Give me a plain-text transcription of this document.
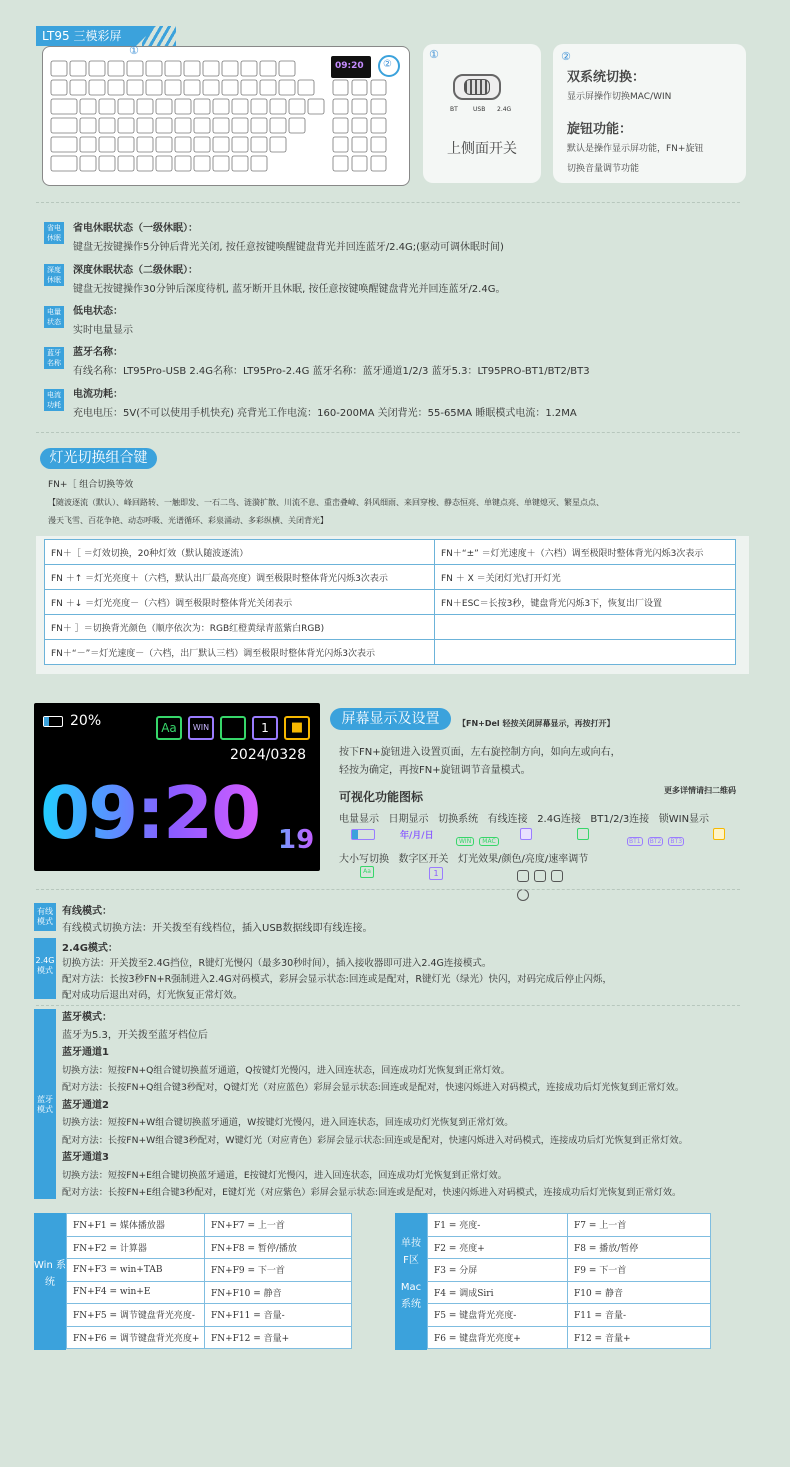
LT95 三模彩屏
09:20
①
②
①
BT	USB 2.4G
上侧面开关
②
双系统切换：
显示屏操作切换MAC/WIN
旋钮功能：
默认是操作显示屏功能，FN+旋钮
切换音量调节功能
省电 休眠
省电休眠状态（一级休眠）：
键盘无按键操作5分钟后背光关闭, 按任意按键唤醒键盘背光并回连蓝牙/2.4G;(驱动可调休眠时间)
深度 休眠
深度休眠状态（二级休眠）：
键盘无按键操作30分钟后深度待机, 蓝牙断开且休眠, 按任意按键唤醒键盘背光并回连蓝牙/2.4G。
电量 状态
低电状态：
实时电量显示
蓝牙 名称
蓝牙名称：
有线名称：LT95Pro-USB 2.4G名称：LT95Pro-2.4G 蓝牙名称：蓝牙通道1/2/3 蓝牙5.3：LT95PRO-BT1/BT2/BT3
电流 功耗
电流功耗：
充电电压：5V(不可以使用手机快充) 亮背光工作电流：160-200MA 关闭背光：55-65MA 睡眠模式电流：1.2MA
灯光切换组合键
FN+［ 组合切换等效
【随波逐流（默认）、峰回路转、一触即发、一石二鸟、涟漪扩散、川流不息、重峦叠嶂、斜风细雨、来回穿梭、静态恒亮、单键点亮、单键熄灭、繁星点点、
漫天飞雪、百花争艳、动态呼吸、光谱循环、彩泉涌动、多彩纵横、关闭背光】
FN＋［ ＝灯效切换，20种灯效（默认随波逐流）	FN＋“±” ＝灯光速度＋（六档）调至极限时整体背光闪烁3次表示
FN ＋↑ ＝灯光亮度＋（六档，默认出厂最高亮度）调至极限时整体背光闪烁3次表示	FN ＋ X ＝关闭灯光\打开灯光
FN ＋↓ ＝灯光亮度－（六档）调至极限时整体背光关闭表示	FN＋ESC＝长按3秒，键盘背光闪烁3下，恢复出厂设置
FN＋ ］＝切换背光颜色（顺序依次为：RGB红橙黄绿青蓝紫白RGB)	
FN＋“－”＝灯光速度－（六档，出厂默认三档）调至极限时整体背光闪烁3次表示	
20%	Aa	WIN	1	■
2024/0328
09:20 19
屏幕显示及设置	【FN+Del 轻按关闭屏幕显示，再按打开】
按下FN+旋钮进入设置页面，左右旋控制方向，如向左或向右，
轻按为确定，再按FN+旋钮调节音量模式。
可视化功能图标	更多详情请扫二维码
电量显示 日期显示 切换系统 有线连接 2.4G连接 BT1/2/3连接 锁WIN显示
年/月/日
WIN MAC	BT1 BT2 BT3
大小写切换 数字区开关 灯光效果/颜色/亮度/速率调节
Aa	1

有线 模式
有线模式：
有线模式切换方法：开关拨至有线档位，插入USB数据线即有线连接。
2.4G 模式
2.4G模式：
切换方法：开关拨至2.4G挡位，R键灯光慢闪（最多30秒时间），插入接收器即可进入2.4G连接模式。
配对方法：长按3秒FN+R强制进入2.4G对码模式，彩屏会显示状态:回连或是配对，R键灯光（绿光）快闪，对码完成后停止闪烁，
配对成功后退出对码，灯光恢复正常灯效。
蓝牙 模式
蓝牙模式：
蓝牙为5.3，开关拨至蓝牙档位后
蓝牙通道1
切换方法：短按FN+Q组合键切换蓝牙通道，Q按键灯光慢闪，进入回连状态，回连成功灯光恢复到正常灯效。
配对方法：长按FN+Q组合键3秒配对，Q键灯光（对应蓝色）彩屏会显示状态:回连或是配对，快速闪烁进入对码模式，连接成功后灯光恢复到正常灯效。
蓝牙通道2
切换方法：短按FN+W组合键切换蓝牙通道，W按键灯光慢闪，进入回连状态，回连成功灯光恢复到正常灯效。
配对方法：长按FN+W组合键3秒配对，W键灯光（对应青色）彩屏会显示状态:回连或是配对，快速闪烁进入对码模式，连接成功后灯光恢复到正常灯效。
蓝牙通道3
切换方法：短按FN+E组合键切换蓝牙通道，E按键灯光慢闪，进入回连状态，回连成功灯光恢复到正常灯效。
配对方法：长按FN+E组合键3秒配对，E键灯光（对应紫色）彩屏会显示状态:回连或是配对，快速闪烁进入对码模式，连接成功后灯光恢复到正常灯效。
Win 系统
FN+F1 = 媒体播放器	FN+F7 = 上一首
FN+F2 = 计算器	FN+F8 = 暂停/播放
FN+F3 = win+TAB	FN+F9 = 下一首
FN+F4 = win+E	FN+F10 = 静音
FN+F5 = 调节键盘背光亮度-	FN+F11 = 音量-
FN+F6 = 调节键盘背光亮度+	FN+F12 = 音量+
单按 F区
Mac 系统
F1 = 亮度-	F7 = 上一首
F2 = 亮度+	F8 = 播放/暂停
F3 = 分屏	F9 = 下一首
F4 = 调成Siri	F10 = 静音
F5 = 键盘背光亮度-	F11 = 音量-
F6 = 键盘背光亮度+	F12 = 音量+
